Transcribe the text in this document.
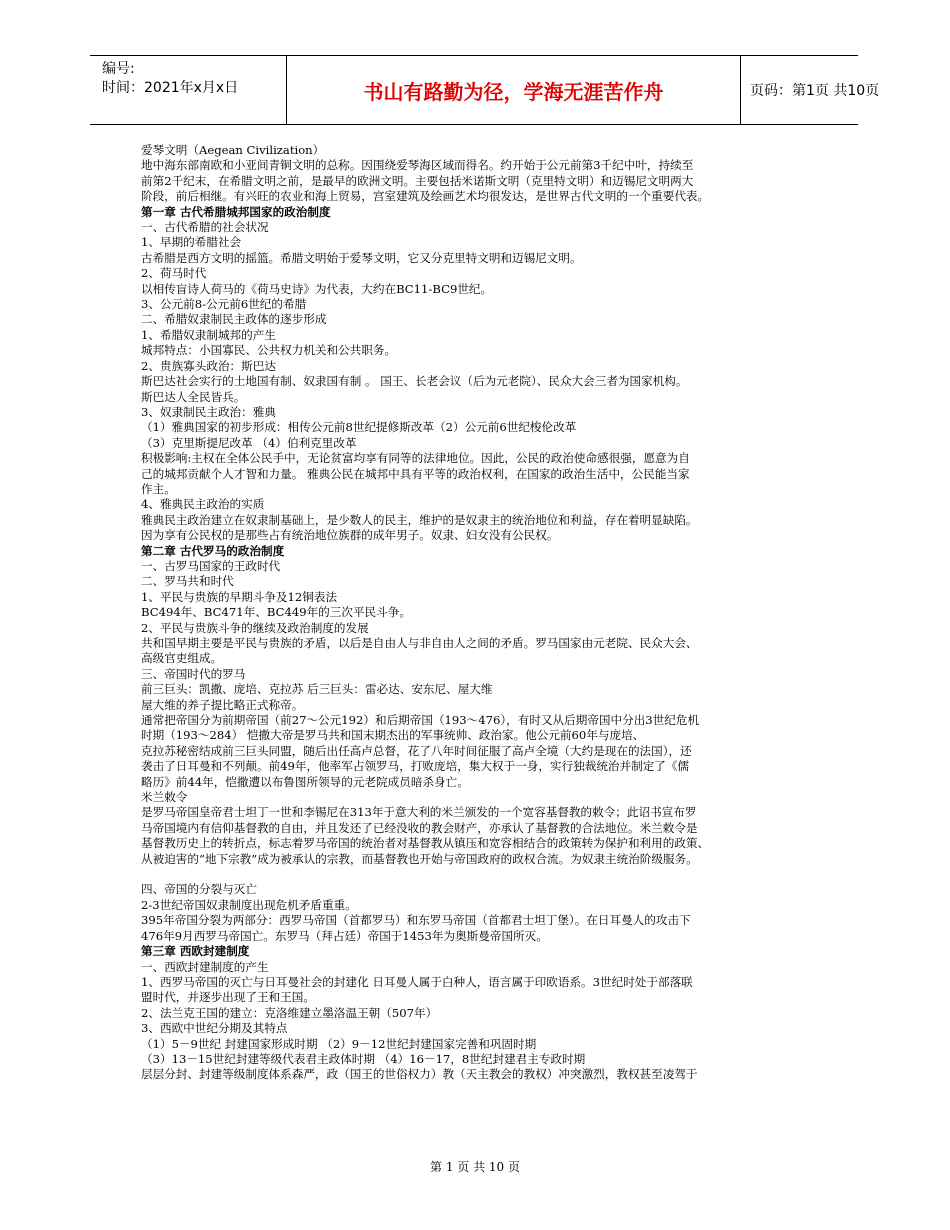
编号:
时间：2021年x月x日	书山有路勤为径，学海无涯苦作舟	页码：第1页 共10页

爱琴文明（Aegean Civilization）

地中海东部南欧和小亚间青铜文明的总称。因围绕爱琴海区域而得名。约开始于公元前第3千纪中叶，持续至

前第2千纪末，在希腊文明之前，是最早的欧洲文明。主要包括米诺斯文明（克里特文明）和迈锡尼文明两大

阶段，前后相继。有兴旺的农业和海上贸易，宫室建筑及绘画艺术均很发达，是世界古代文明的一个重要代表。

第一章 古代希腊城邦国家的政治制度

一、古代希腊的社会状况

1、早期的希腊社会

古希腊是西方文明的摇篮。希腊文明始于爱琴文明，它又分克里特文明和迈锡尼文明。

2、荷马时代

以相传盲诗人荷马的《荷马史诗》为代表，大约在BC11-BC9世纪。

3、公元前8-公元前6世纪的希腊

二、希腊奴隶制民主政体的逐步形成

1、希腊奴隶制城邦的产生

城邦特点：小国寡民、公共权力机关和公共职务。

2、贵族寡头政治：斯巴达

斯巴达社会实行的土地国有制、奴隶国有制 。 国王、长老会议（后为元老院）、民众大会三者为国家机构。

斯巴达人全民皆兵。

3、奴隶制民主政治：雅典

（1）雅典国家的初步形成：相传公元前8世纪提修斯改革（2）公元前6世纪梭伦改革

（3）克里斯提尼改革 （4）伯利克里改革

积极影响:主权在全体公民手中，无论贫富均享有同等的法律地位。因此，公民的政治使命感很强，愿意为自

己的城邦贡献个人才智和力量。 雅典公民在城邦中具有平等的政治权利，在国家的政治生活中，公民能当家

作主。

4、雅典民主政治的实质

雅典民主政治建立在奴隶制基础上，是少数人的民主，维护的是奴隶主的统治地位和利益，存在着明显缺陷。

因为享有公民权的是那些占有统治地位族群的成年男子。奴隶、妇女没有公民权。

第二章 古代罗马的政治制度

一、古罗马国家的王政时代

二、罗马共和时代

1、平民与贵族的早期斗争及12铜表法

BC494年、BC471年、BC449年的三次平民斗争。

2、平民与贵族斗争的继续及政治制度的发展

共和国早期主要是平民与贵族的矛盾，以后是自由人与非自由人之间的矛盾。罗马国家由元老院、民众大会、

高级官吏组成。

三、帝国时代的罗马

前三巨头：凯撒、庞培、克拉苏 后三巨头：雷必达、安东尼、屋大维

屋大维的养子提比略正式称帝。

通常把帝国分为前期帝国（前27～公元192）和后期帝国（193～476），有时又从后期帝国中分出3世纪危机

时期（193～284） 恺撒大帝是罗马共和国末期杰出的军事统帅、政治家。他公元前60年与庞培、

克拉苏秘密结成前三巨头同盟，随后出任高卢总督，花了八年时间征服了高卢全境（大约是现在的法国），还

袭击了日耳曼和不列颠。前49年，他率军占领罗马，打败庞培，集大权于一身，实行独裁统治并制定了《儒

略历》前44年，恺撒遭以布鲁图所领导的元老院成员暗杀身亡。

米兰敕令

是罗马帝国皇帝君士坦丁一世和李锡尼在313年于意大利的米兰颁发的一个宽容基督教的敕令；此诏书宣布罗

马帝国境内有信仰基督教的自由，并且发还了已经没收的教会财产，亦承认了基督教的合法地位。米兰敕令是

基督教历史上的转折点，标志着罗马帝国的统治者对基督教从镇压和宽容相结合的政策转为保护和利用的政策、

从被迫害的“地下宗教”成为被承认的宗教，而基督教也开始与帝国政府的政权合流。为奴隶主统治阶级服务。

四、帝国的分裂与灭亡

2-3世纪帝国奴隶制度出现危机矛盾重重。

395年帝国分裂为两部分：西罗马帝国（首都罗马）和东罗马帝国（首都君士坦丁堡）。在日耳曼人的攻击下

476年9月西罗马帝国亡。东罗马（拜占廷）帝国于1453年为奥斯曼帝国所灭。

第三章 西欧封建制度

一、西欧封建制度的产生

1、西罗马帝国的灭亡与日耳曼社会的封建化 日耳曼人属于白种人，语言属于印欧语系。3世纪时处于部落联

盟时代，并逐步出现了王和王国。

2、法兰克王国的建立：克洛维建立墨洛温王朝（507年）

3、西欧中世纪分期及其特点

（1）5－9世纪 封建国家形成时期 （2）9－12世纪封建国家完善和巩固时期

（3）13－15世纪封建等级代表君主政体时期 （4）16－17，8世纪封建君主专政时期

层层分封、封建等级制度体系森严，政（国王的世俗权力）教（天主教会的教权）冲突激烈，教权甚至凌驾于

第 1 页 共 10 页
